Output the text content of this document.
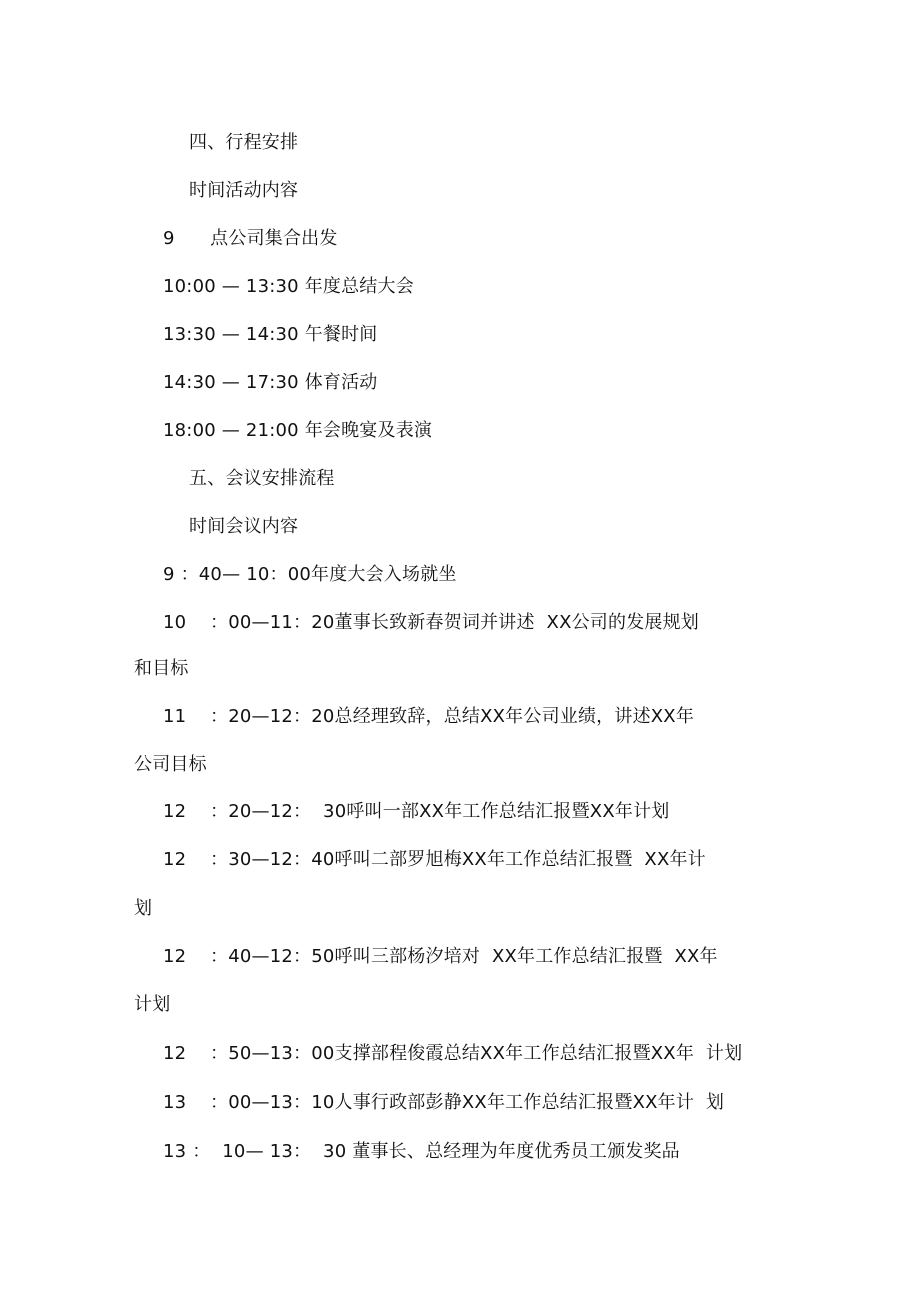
四、行程安排
时间活动内容
9      点公司集合出发
10:00 — 13:30 年度总结大会
13:30 — 14:30 午餐时间
14:30 — 17:30 体育活动
18:00 — 21:00 年会晚宴及表演
五、会议安排流程
时间会议内容
9 ：40— 10：00年度大会入场就坐
10    ：00—11：20董事长致新春贺词并讲述  XX公司的发展规划
和目标
11    ：20—12：20总经理致辞，总结XX年公司业绩，讲述XX年
公司目标
12    ：20—12：  30呼叫一部XX年工作总结汇报暨XX年计划
12    ：30—12：40呼叫二部罗旭梅XX年工作总结汇报暨  XX年计
划
12    ：40—12：50呼叫三部杨汐培对  XX年工作总结汇报暨  XX年
计划
12    ：50—13：00支撑部程俊霞总结XX年工作总结汇报暨XX年  计划
13    ：00—13：10人事行政部彭静XX年工作总结汇报暨XX年计  划
13 ：  10— 13：  30 董事长、总经理为年度优秀员工颁发奖品
